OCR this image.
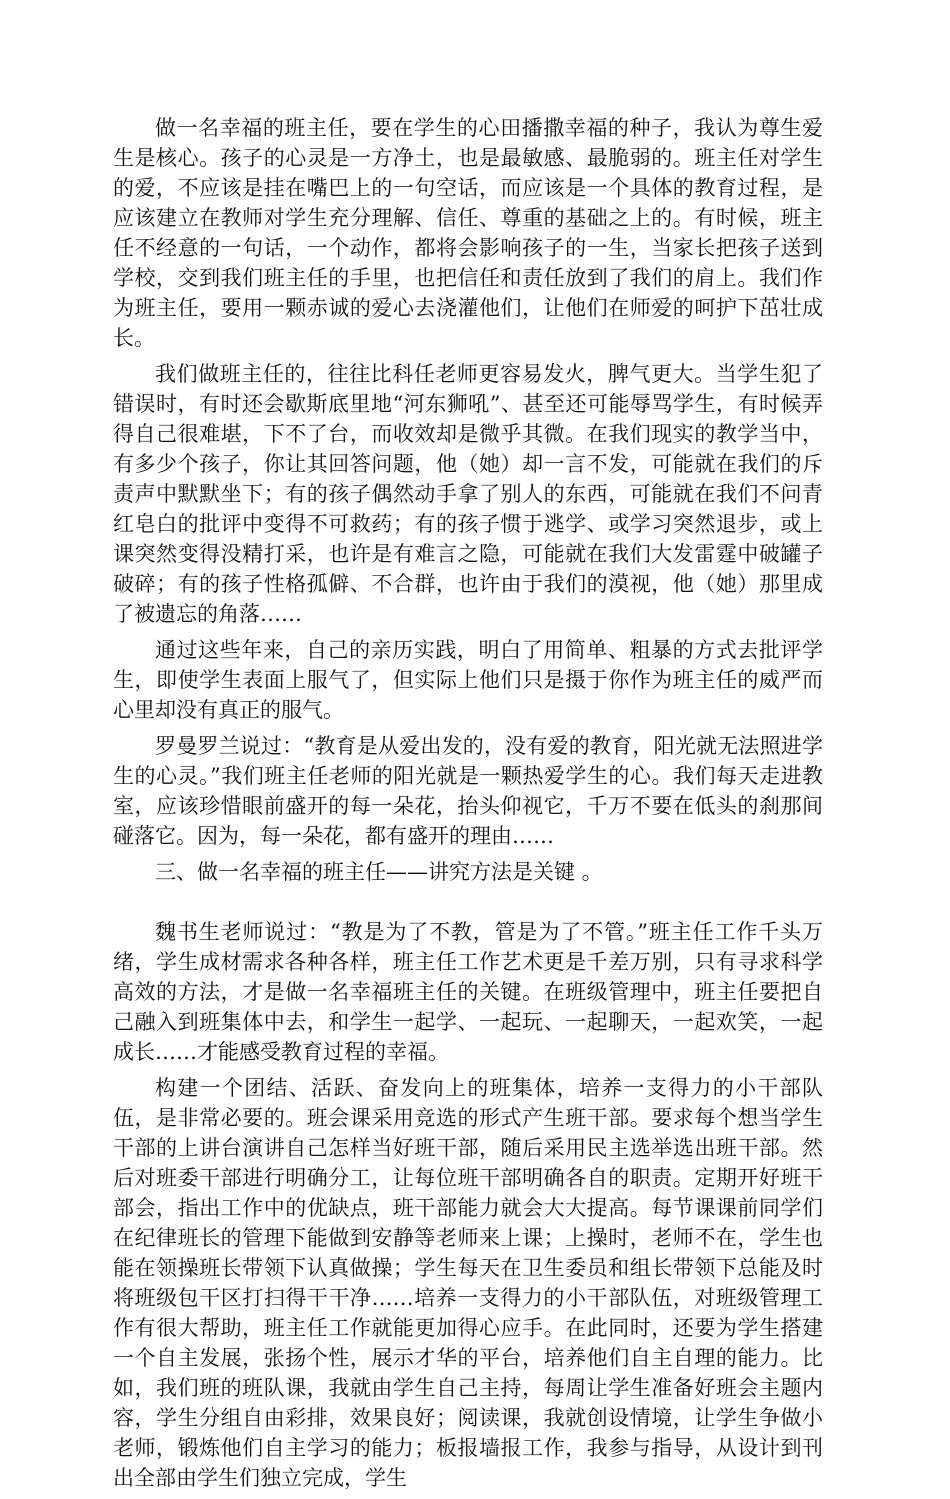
做一名幸福的班主任，要在学生的心田播撒幸福的种子，我认为尊生爱生是核心。孩子的心灵是一方净土，也是最敏感、最脆弱的。班主任对学生的爱，不应该是挂在嘴巴上的一句空话，而应该是一个具体的教育过程，是应该建立在教师对学生充分理解、信任、尊重的基础之上的。有时候，班主任不经意的一句话，一个动作，都将会影响孩子的一生，当家长把孩子送到学校，交到我们班主任的手里，也把信任和责任放到了我们的肩上。我们作为班主任，要用一颗赤诚的爱心去浇灌他们，让他们在师爱的呵护下茁壮成长。

我们做班主任的，往往比科任老师更容易发火，脾气更大。当学生犯了错误时，有时还会歇斯底里地“河东狮吼”、甚至还可能辱骂学生，有时候弄得自己很难堪，下不了台，而收效却是微乎其微。在我们现实的教学当中，有多少个孩子，你让其回答问题，他（她）却一言不发，可能就在我们的斥责声中默默坐下；有的孩子偶然动手拿了别人的东西，可能就在我们不问青红皂白的批评中变得不可救药；有的孩子惯于逃学、或学习突然退步，或上课突然变得没精打采，也许是有难言之隐，可能就在我们大发雷霆中破罐子破碎；有的孩子性格孤僻、不合群，也许由于我们的漠视，他（她）那里成了被遗忘的角落……

通过这些年来，自己的亲历实践，明白了用简单、粗暴的方式去批评学生，即使学生表面上服气了，但实际上他们只是摄于你作为班主任的威严而心里却没有真正的服气。

罗曼罗兰说过：“教育是从爱出发的，没有爱的教育，阳光就无法照进学生的心灵。”我们班主任老师的阳光就是一颗热爱学生的心。我们每天走进教室，应该珍惜眼前盛开的每一朵花，抬头仰视它，千万不要在低头的刹那间碰落它。因为，每一朵花，都有盛开的理由……

三、做一名幸福的班主任——讲究方法是关键 。

魏书生老师说过：“教是为了不教，管是为了不管。”班主任工作千头万绪，学生成材需求各种各样，班主任工作艺术更是千差万别，只有寻求科学高效的方法，才是做一名幸福班主任的关键。在班级管理中，班主任要把自己融入到班集体中去，和学生一起学、一起玩、一起聊天，一起欢笑，一起成长……才能感受教育过程的幸福。

构建一个团结、活跃、奋发向上的班集体，培养一支得力的小干部队伍，是非常必要的。班会课采用竞选的形式产生班干部。要求每个想当学生干部的上讲台演讲自己怎样当好班干部，随后采用民主选举选出班干部。然后对班委干部进行明确分工，让每位班干部明确各自的职责。定期开好班干部会，指出工作中的优缺点，班干部能力就会大大提高。每节课课前同学们在纪律班长的管理下能做到安静等老师来上课；上操时，老师不在，学生也能在领操班长带领下认真做操；学生每天在卫生委员和组长带领下总能及时将班级包干区打扫得干干净……培养一支得力的小干部队伍，对班级管理工作有很大帮助，班主任工作就能更加得心应手。在此同时，还要为学生搭建一个自主发展，张扬个性，展示才华的平台，培养他们自主自理的能力。比如，我们班的班队课，我就由学生自己主持，每周让学生准备好班会主题内容，学生分组自由彩排，效果良好；阅读课，我就创设情境，让学生争做小老师，锻炼他们自主学习的能力；板报墙报工作，我参与指导，从设计到刊出全部由学生们独立完成，学生
